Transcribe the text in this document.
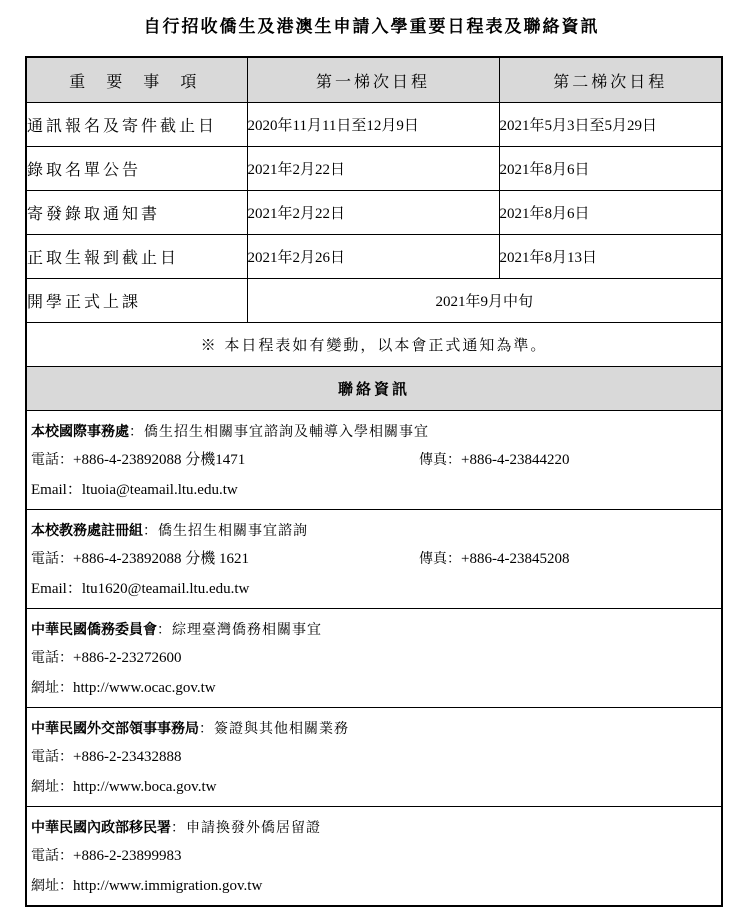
自行招收僑生及港澳生申請入學重要日程表及聯絡資訊
重 要 事 項	第一梯次日程	第二梯次日程
通訊報名及寄件截止日	2020年11月11日至12月9日	2021年5月3日至5月29日
錄取名單公告	2021年2月22日	2021年8月6日
寄發錄取通知書	2021年2月22日	2021年8月6日
正取生報到截止日	2021年2月26日	2021年8月13日
開學正式上課	2021年9月中旬	
※ 本日程表如有變動，以本會正式通知為準。		
聯絡資訊		

本校國際事務處：僑生招生相關事宜諮詢及輔導入學相關事宜
電話：+886-4-23892088 分機1471 傳真：+886-4-23844220
Email：ltuoia@teamail.ltu.edu.tw		

本校教務處註冊組：僑生招生相關事宜諮詢
電話：+886-4-23892088 分機 1621 傳真：+886-4-23845208
Email：ltu1620@teamail.ltu.edu.tw		

中華民國僑務委員會：綜理臺灣僑務相關事宜
電話：+886-2-23272600
網址：http://www.ocac.gov.tw		

中華民國外交部領事事務局：簽證與其他相關業務
電話：+886-2-23432888
網址：http://www.boca.gov.tw		

中華民國內政部移民署：申請換發外僑居留證
電話：+886-2-23899983
網址：http://www.immigration.gov.tw		
